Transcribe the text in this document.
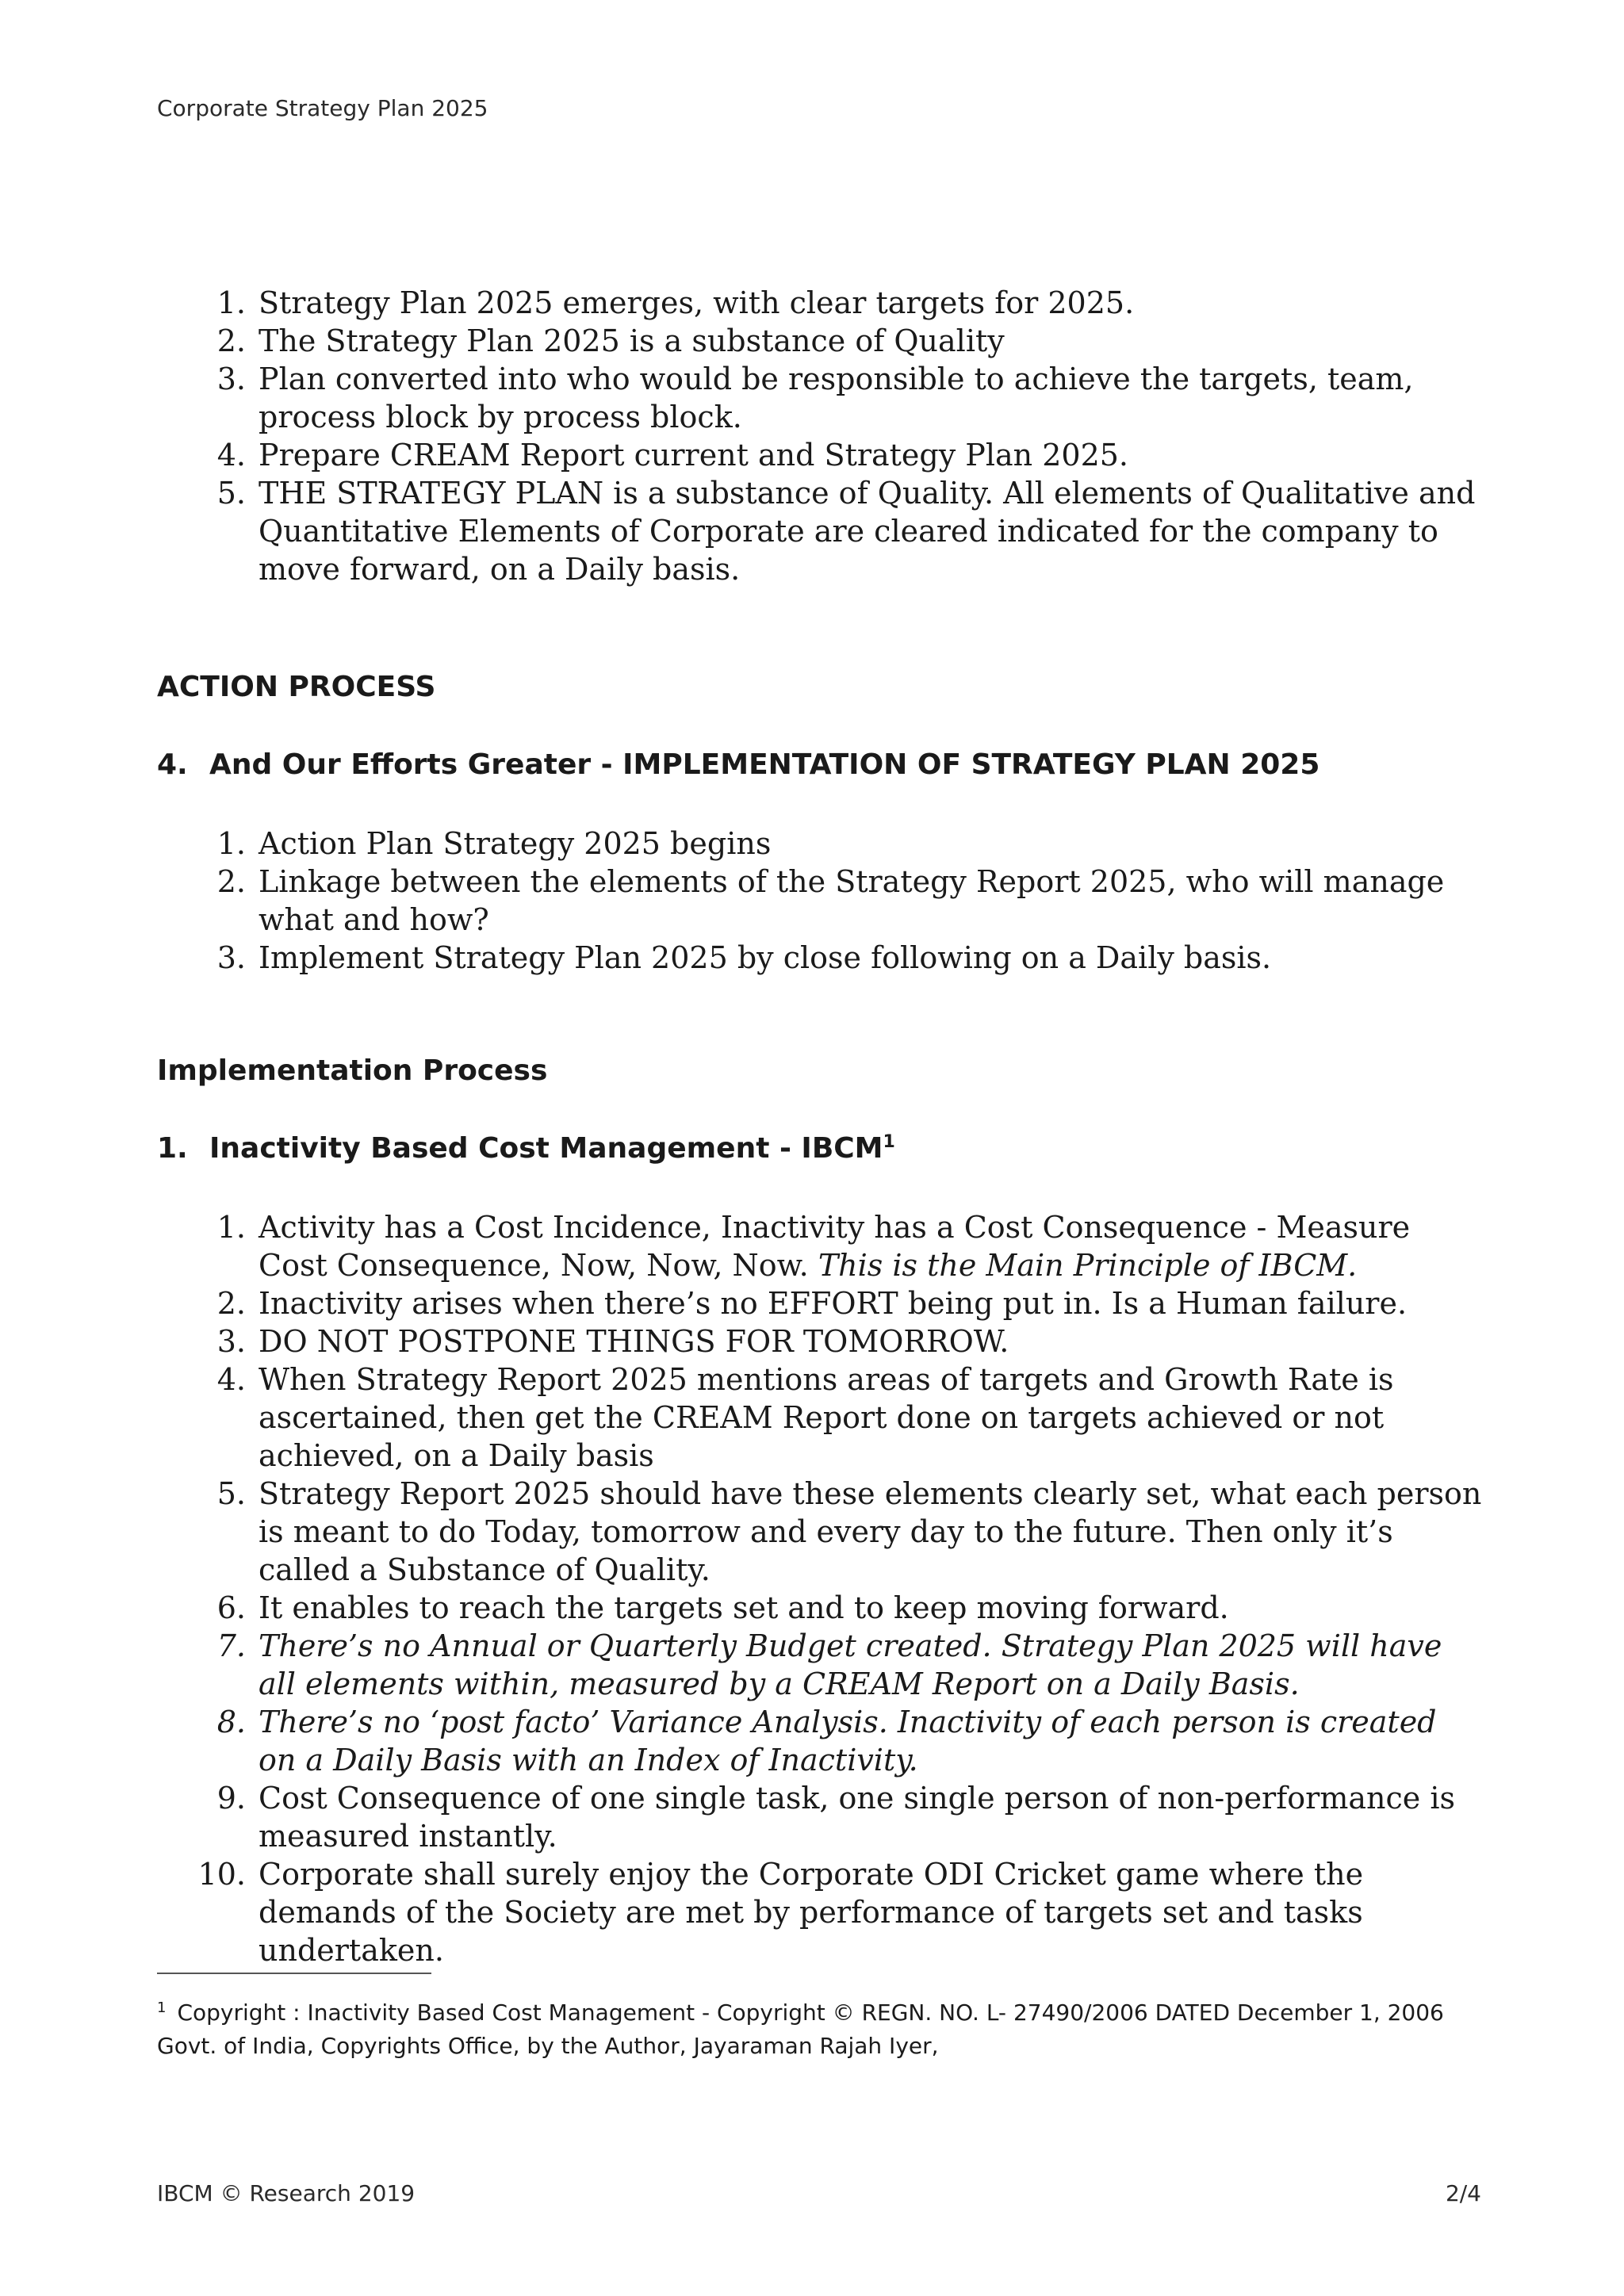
Corporate Strategy Plan 2025
1. Strategy Plan 2025 emerges, with clear targets for 2025.
2. The Strategy Plan 2025 is a substance of Quality
3. Plan converted into who would be responsible to achieve the targets, team, process block by process block.
4. Prepare CREAM Report current and Strategy Plan 2025.
5. THE STRATEGY PLAN is a substance of Quality. All elements of Qualitative and Quantitative Elements of Corporate are cleared indicated for the company to move forward, on a Daily basis.
ACTION PROCESS
4. And Our Efforts Greater - IMPLEMENTATION OF STRATEGY PLAN 2025
1. Action Plan Strategy 2025 begins
2. Linkage between the elements of the Strategy Report 2025, who will manage what and how?
3. Implement Strategy Plan 2025 by close following on a Daily basis.
Implementation Process
1. Inactivity Based Cost Management - IBCM$^1$
1. Activity has a Cost Incidence, Inactivity has a Cost Consequence - Measure Cost Consequence, Now, Now, Now. This is the Main Principle of IBCM.
2. Inactivity arises when there’s no EFFORT being put in. Is a Human failure.
3. DO NOT POSTPONE THINGS FOR TOMORROW.
4. When Strategy Report 2025 mentions areas of targets and Growth Rate is ascertained, then get the CREAM Report done on targets achieved or not achieved, on a Daily basis
5. Strategy Report 2025 should have these elements clearly set, what each person is meant to do Today, tomorrow and every day to the future. Then only it’s called a Substance of Quality.
6. It enables to reach the targets set and to keep moving forward.
7. There’s no Annual or Quarterly Budget created. Strategy Plan 2025 will have all elements within, measured by a CREAM Report on a Daily Basis.
8. There’s no ‘post facto’ Variance Analysis. Inactivity of each person is created on a Daily Basis with an Index of Inactivity.
9. Cost Consequence of one single task, one single person of non-performance is measured instantly.
10. Corporate shall surely enjoy the Corporate ODI Cricket game where the demands of the Society are met by performance of targets set and tasks undertaken.
$^1$ Copyright : Inactivity Based Cost Management - Copyright © REGN. NO. L- 27490/2006 DATED December 1, 2006 Govt. of India, Copyrights Office, by the Author, Jayaraman Rajah Iyer,
IBCM © Research 2019	2/4
